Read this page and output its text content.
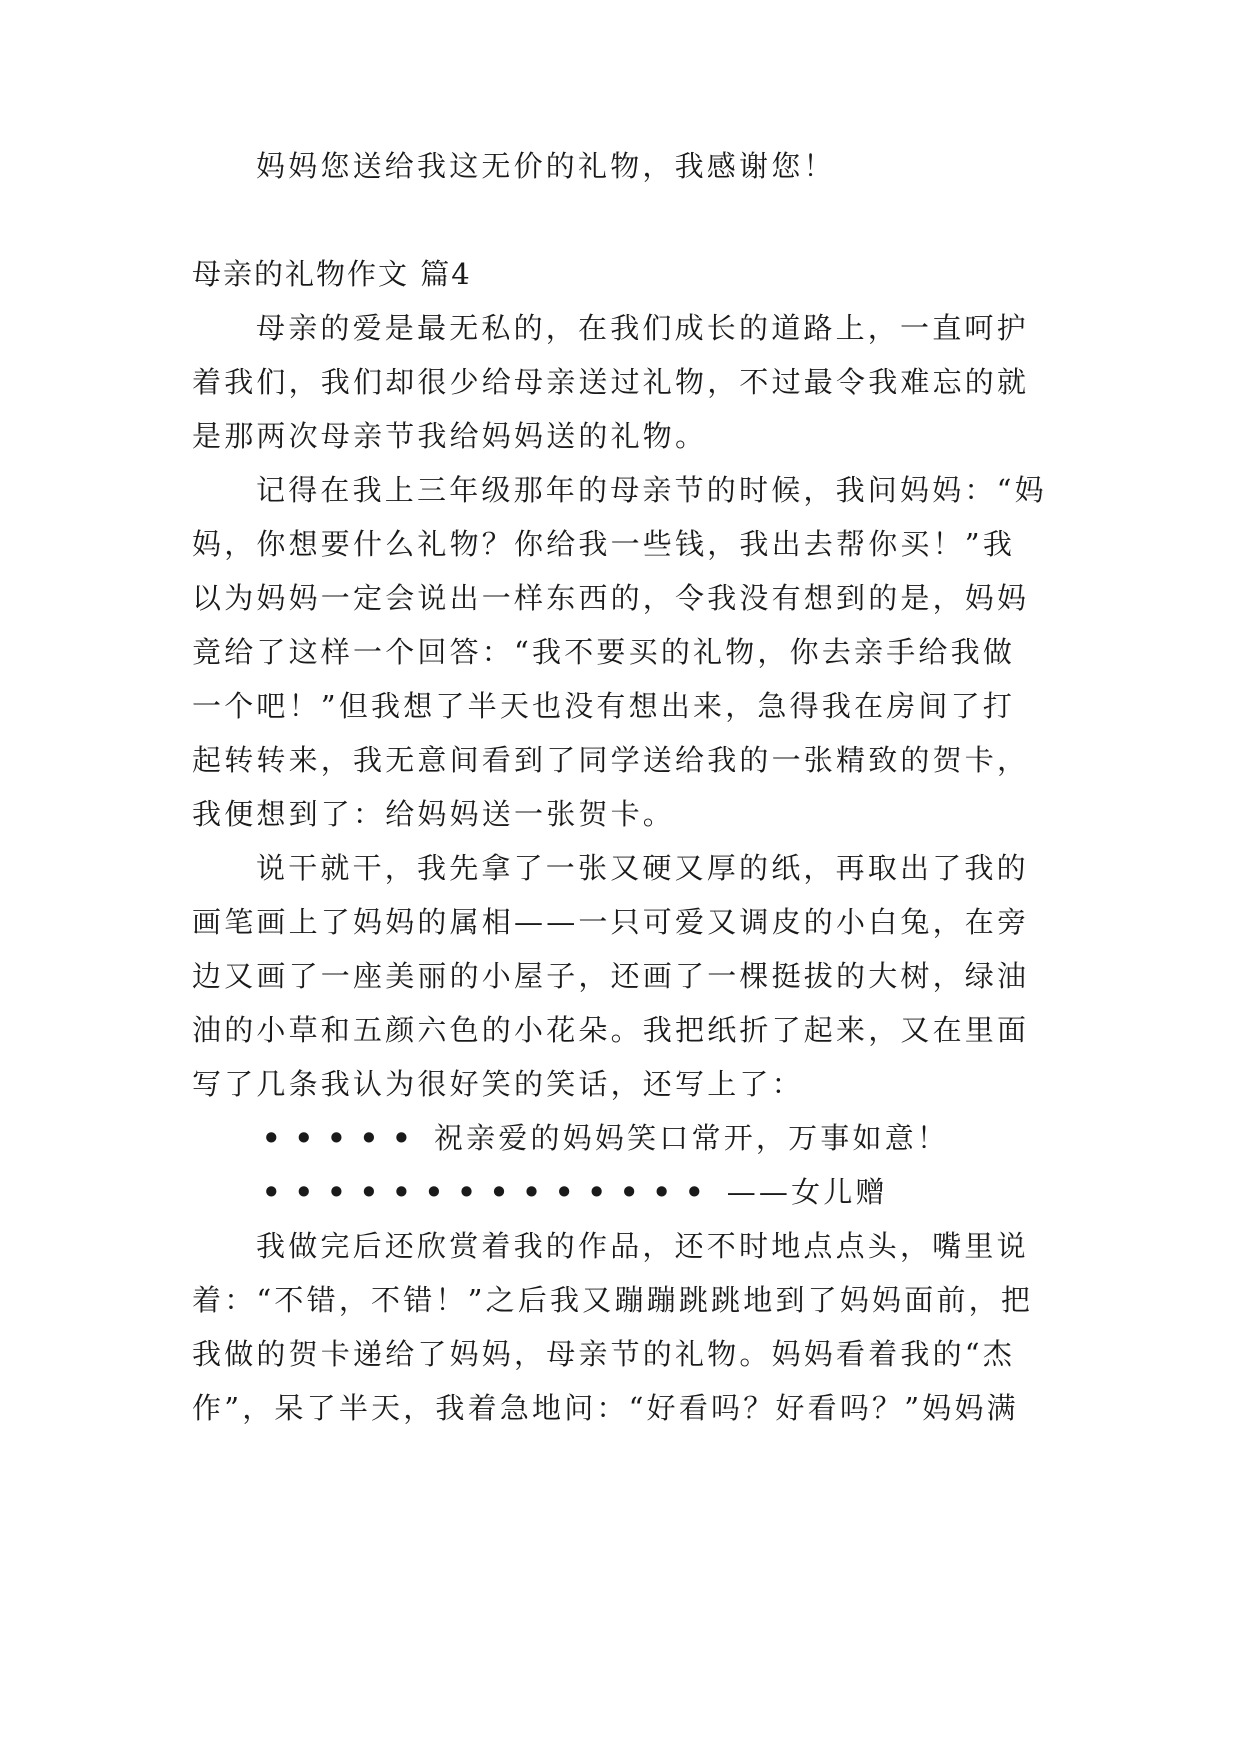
妈妈您送给我这无价的礼物，我感谢您！
母亲的礼物作文 篇4
母亲的爱是最无私的，在我们成长的道路上，一直呵护
着我们，我们却很少给母亲送过礼物，不过最令我难忘的就
是那两次母亲节我给妈妈送的礼物。
记得在我上三年级那年的母亲节的时候，我问妈妈：“妈
妈，你想要什么礼物？你给我一些钱，我出去帮你买！”我
以为妈妈一定会说出一样东西的，令我没有想到的是，妈妈
竟给了这样一个回答：“我不要买的礼物，你去亲手给我做
一个吧！”但我想了半天也没有想出来，急得我在房间了打
起转转来，我无意间看到了同学送给我的一张精致的贺卡，
我便想到了：给妈妈送一张贺卡。
说干就干，我先拿了一张又硬又厚的纸，再取出了我的
画笔画上了妈妈的属相——一只可爱又调皮的小白兔，在旁
边又画了一座美丽的小屋子，还画了一棵挺拔的大树，绿油
油的小草和五颜六色的小花朵。我把纸折了起来，又在里面
写了几条我认为很好笑的笑话，还写上了：
••••• 祝亲爱的妈妈笑口常开，万事如意！
•••••••••••••• ——女儿赠
我做完后还欣赏着我的作品，还不时地点点头，嘴里说
着：“不错，不错！”之后我又蹦蹦跳跳地到了妈妈面前，把
我做的贺卡递给了妈妈，母亲节的礼物。妈妈看着我的“杰
作”，呆了半天，我着急地问：“好看吗？好看吗？”妈妈满
